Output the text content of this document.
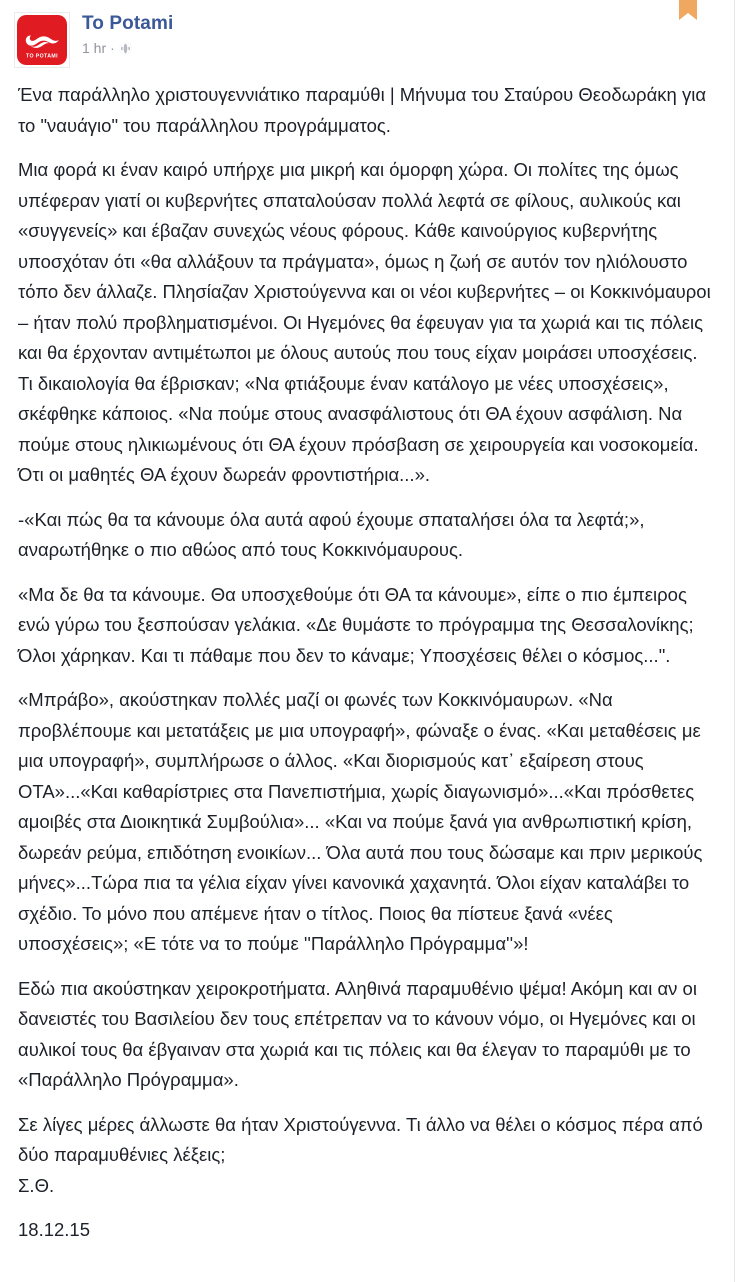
TO POTAMI
To Potami
1 hr ·

Ένα παράλληλο χριστουγεννιάτικο παραμύθι | Μήνυμα του Σταύρου Θεοδωράκη για το "ναυάγιο" του παράλληλου προγράμματος.

Μια φορά κι έναν καιρό υπήρχε μια μικρή και όμορφη χώρα. Οι πολίτες της όμως υπέφεραν γιατί οι κυβερνήτες σπαταλούσαν πολλά λεφτά σε φίλους, αυλικούς και «συγγενείς» και έβαζαν συνεχώς νέους φόρους. Κάθε καινούργιος κυβερνήτης υποσχόταν ότι «θα αλλάξουν τα πράγματα», όμως η ζωή σε αυτόν τον ηλιόλουστο τόπο δεν άλλαζε. Πλησίαζαν Χριστούγεννα και οι νέοι κυβερνήτες – οι Κοκκινόμαυροι – ήταν πολύ προβληματισμένοι. Οι Ηγεμόνες θα έφευγαν για τα χωριά και τις πόλεις και θα έρχονταν αντιμέτωποι με όλους αυτούς που τους είχαν μοιράσει υποσχέσεις. Τι δικαιολογία θα έβρισκαν; «Να φτιάξουμε έναν κατάλογο με νέες υποσχέσεις», σκέφθηκε κάποιος. «Να πούμε στους ανασφάλιστους ότι ΘΑ έχουν ασφάλιση. Να πούμε στους ηλικιωμένους ότι ΘΑ έχουν πρόσβαση σε χειρουργεία και νοσοκομεία. Ότι οι μαθητές ΘΑ έχουν δωρεάν φροντιστήρια...».

-«Και πώς θα τα κάνουμε όλα αυτά αφού έχουμε σπαταλήσει όλα τα λεφτά;», αναρωτήθηκε ο πιο αθώος από τους Κοκκινόμαυρους.

«Μα δε θα τα κάνουμε. Θα υποσχεθούμε ότι ΘΑ τα κάνουμε», είπε ο πιο έμπειρος ενώ γύρω του ξεσπούσαν γελάκια. «Δε θυμάστε το πρόγραμμα της Θεσσαλονίκης; Όλοι χάρηκαν. Και τι πάθαμε που δεν το κάναμε; Υποσχέσεις θέλει ο κόσμος...".

«Μπράβο», ακούστηκαν πολλές μαζί οι φωνές των Κοκκινόμαυρων. «Να προβλέπουμε και μετατάξεις με μια υπογραφή», φώναξε ο ένας. «Και μεταθέσεις με μια υπογραφή», συμπλήρωσε ο άλλος. «Και διορισμούς κατ᾽ εξαίρεση στους ΟΤΑ»...«Και καθαρίστριες στα Πανεπιστήμια, χωρίς διαγωνισμό»...«Και πρόσθετες αμοιβές στα Διοικητικά Συμβούλια»... «Και να πούμε ξανά για ανθρωπιστική κρίση, δωρεάν ρεύμα, επιδότηση ενοικίων... Όλα αυτά που τους δώσαμε και πριν μερικούς μήνες»...Τώρα πια τα γέλια είχαν γίνει κανονικά χαχανητά. Όλοι είχαν καταλάβει το σχέδιο. Το μόνο που απέμενε ήταν ο τίτλος. Ποιος θα πίστευε ξανά «νέες υποσχέσεις»; «Ε τότε να το πούμε ''Παράλληλο Πρόγραμμα''»!

Εδώ πια ακούστηκαν χειροκροτήματα. Αληθινά παραμυθένιο ψέμα! Ακόμη και αν οι δανειστές του Βασιλείου δεν τους επέτρεπαν να το κάνουν νόμο, οι Ηγεμόνες και οι αυλικοί τους θα έβγαιναν στα χωριά και τις πόλεις και θα έλεγαν το παραμύθι με το «Παράλληλο Πρόγραμμα».

Σε λίγες μέρες άλλωστε θα ήταν Χριστούγεννα. Τι άλλο να θέλει ο κόσμος πέρα από δύο παραμυθένιες λέξεις;

Σ.Θ.

18.12.15
